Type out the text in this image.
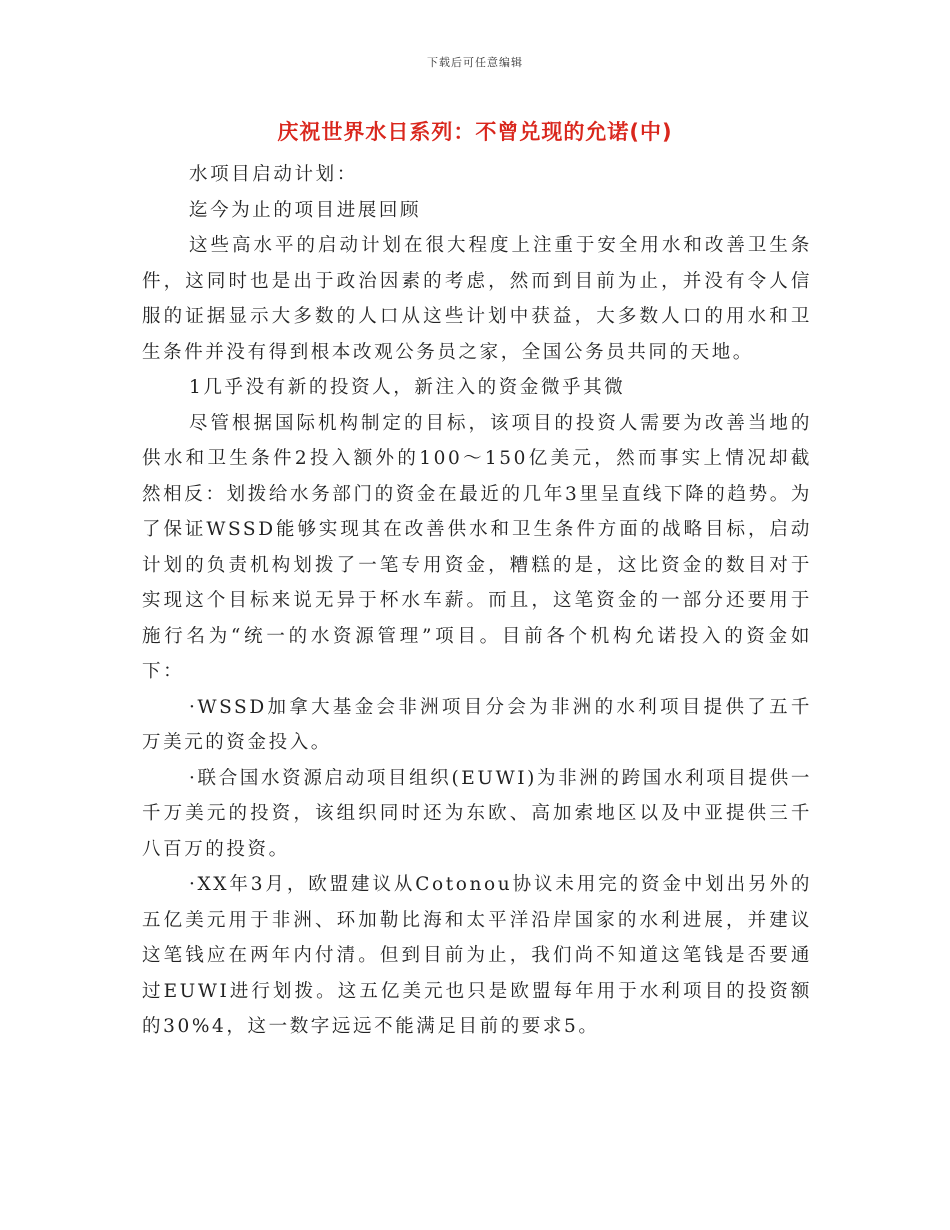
下载后可任意编辑
庆祝世界水日系列：不曾兑现的允诺(中)

水项目启动计划：

迄今为止的项目进展回顾

这些高水平的启动计划在很大程度上注重于安全用水和改善卫生条件，这同时也是出于政治因素的考虑，然而到目前为止，并没有令人信服的证据显示大多数的人口从这些计划中获益，大多数人口的用水和卫生条件并没有得到根本改观公务员之家，全国公务员共同的天地。

1几乎没有新的投资人，新注入的资金微乎其微

尽管根据国际机构制定的目标，该项目的投资人需要为改善当地的供水和卫生条件2投入额外的100～150亿美元，然而事实上情况却截然相反：划拨给水务部门的资金在最近的几年3里呈直线下降的趋势。为了保证WSSD能够实现其在改善供水和卫生条件方面的战略目标，启动计划的负责机构划拨了一笔专用资金，糟糕的是，这比资金的数目对于实现这个目标来说无异于杯水车薪。而且，这笔资金的一部分还要用于施行名为“统一的水资源管理”项目。目前各个机构允诺投入的资金如下：

·WSSD加拿大基金会非洲项目分会为非洲的水利项目提供了五千万美元的资金投入。

·联合国水资源启动项目组织(EUWI)为非洲的跨国水利项目提供一千万美元的投资，该组织同时还为东欧、高加索地区以及中亚提供三千八百万的投资。

·XX年3月，欧盟建议从Cotonou协议未用完的资金中划出另外的五亿美元用于非洲、环加勒比海和太平洋沿岸国家的水利进展，并建议这笔钱应在两年内付清。但到目前为止，我们尚不知道这笔钱是否要通过EUWI进行划拨。这五亿美元也只是欧盟每年用于水利项目的投资额的30%4，这一数字远远不能满足目前的要求5。
